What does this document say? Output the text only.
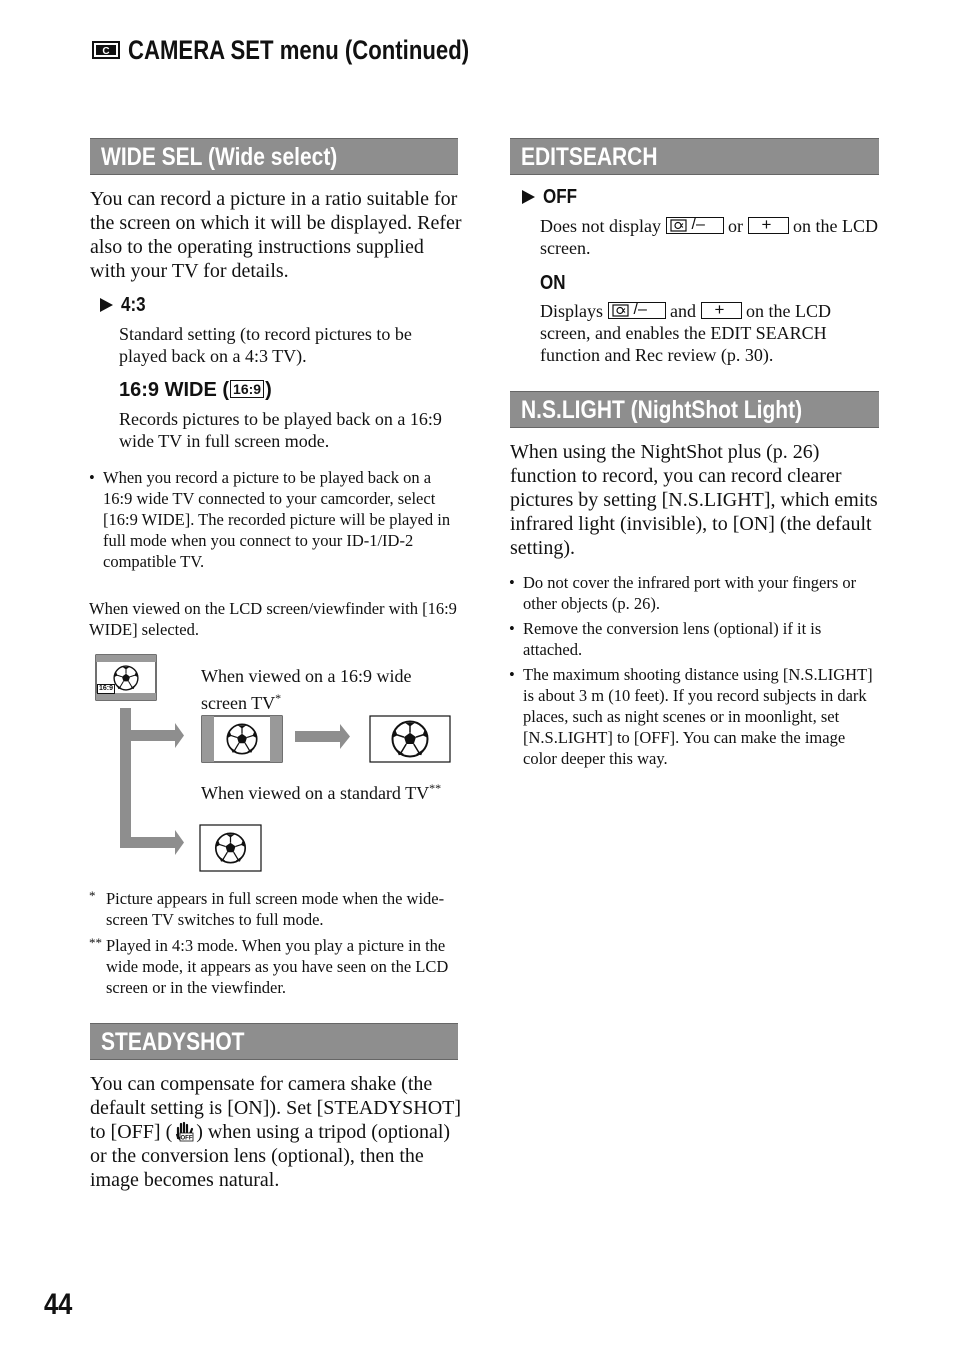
C CAMERA SET menu (Continued)
WIDE SEL (Wide select)
You can record a picture in a ratio suitable for the screen on which it will be displayed. Refer also to the operating instructions supplied with your TV for details.
4:3
Standard setting (to record pictures to be played back on a 4:3 TV).
16:9 WIDE ( 16:9 )
Records pictures to be played back on a 16:9 wide TV in full screen mode.
• When you record a picture to be played back on a 16:9 wide TV connected to your camcorder, select [16:9 WIDE]. The recorded picture will be played in full mode when you connect to your ID-1/ID-2 compatible TV.
When viewed on the LCD screen/viewfinder with [16:9 WIDE] selected.
16:9
When viewed on a 16:9 wide screen TV*
When viewed on a standard TV**
* Picture appears in full screen mode when the wide-screen TV switches to full mode.
** Played in 4:3 mode. When you play a picture in the wide mode, it appears as you have seen on the LCD screen or in the viewfinder.
STEADYSHOT
You can compensate for camera shake (the default setting is [ON]). Set [STEADYSHOT] to [OFF] ( OFF ) when using a tripod (optional) or the conversion lens (optional), then the image becomes natural.
EDITSEARCH
OFF
Does not display /– or + on the LCD screen.
ON
Displays /– and + on the LCD screen, and enables the EDIT SEARCH function and Rec review (p. 30).
N.S.LIGHT (NightShot Light)
When using the NightShot plus (p. 26) function to record, you can record clearer pictures by setting [N.S.LIGHT], which emits infrared light (invisible), to [ON] (the default setting).
• Do not cover the infrared port with your fingers or other objects (p. 26).
• Remove the conversion lens (optional) if it is attached.
• The maximum shooting distance using [N.S.LIGHT] is about 3 m (10 feet). If you record subjects in dark places, such as night scenes or in moonlight, set [N.S.LIGHT] to [OFF]. You can make the image color deeper this way.
44
